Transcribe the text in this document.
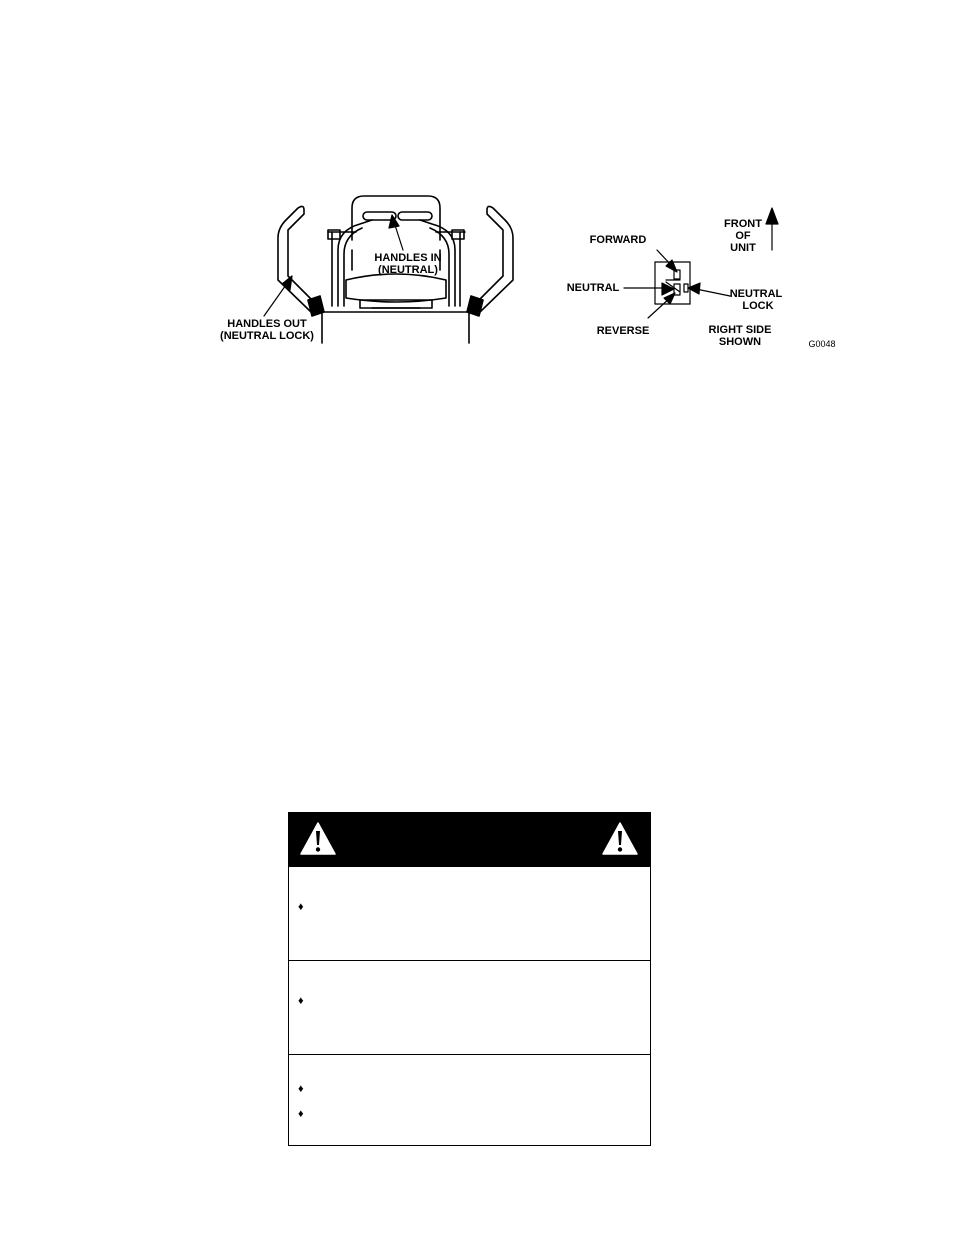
HANDLES OUT
(NEUTRAL LOCK)
HANDLES IN
(NEUTRAL)
FORWARD
NEUTRAL
REVERSE
NEUTRAL
LOCK
FRONT
OF
UNIT
RIGHT SIDE
SHOWN	G0048
♦
♦
♦
♦
